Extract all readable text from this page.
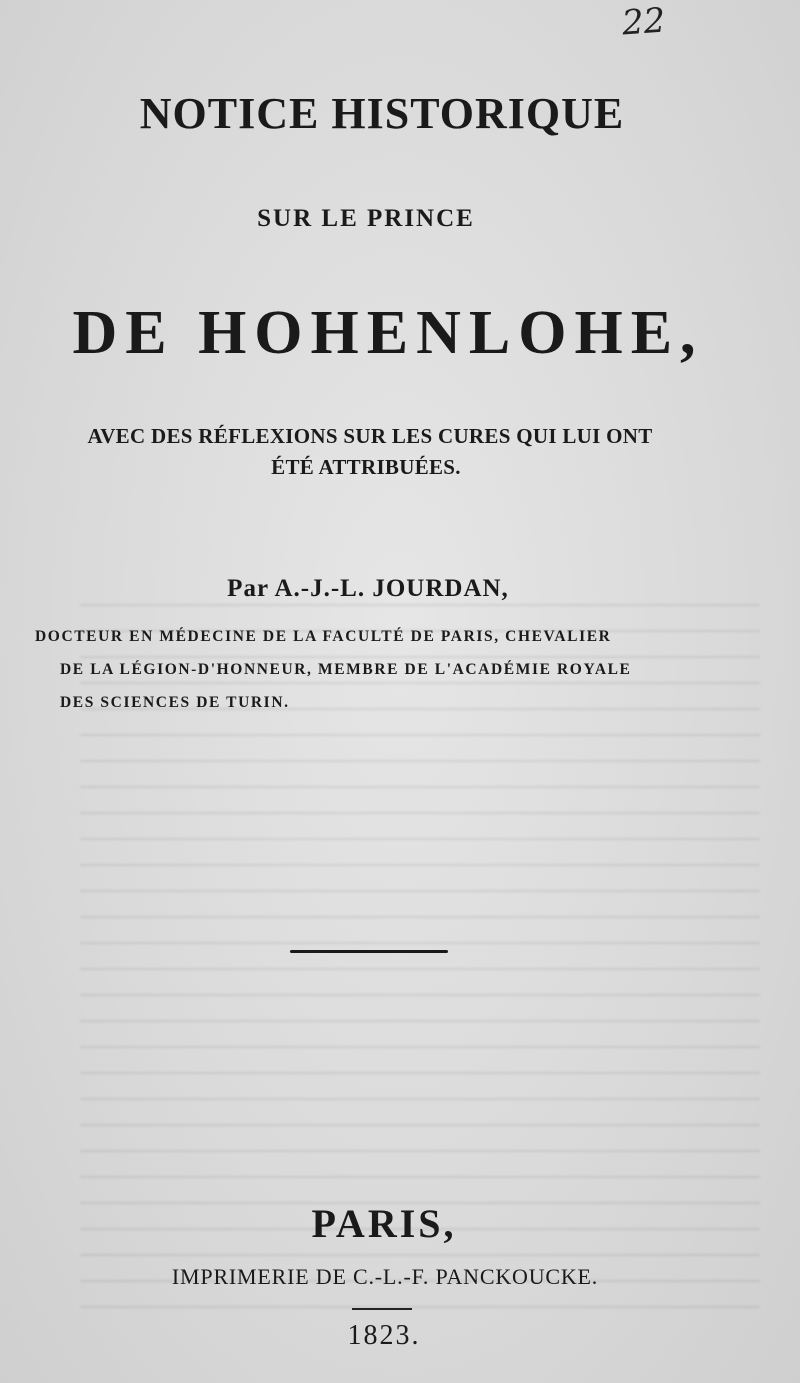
22
NOTICE HISTORIQUE
SUR LE PRINCE
DE HOHENLOHE,
AVEC DES RÉFLEXIONS SUR LES CURES QUI LUI ONT
ÉTÉ ATTRIBUÉES.
Par A.-J.-L. JOURDAN,
DOCTEUR EN MÉDECINE DE LA FACULTÉ DE PARIS, CHEVALIER
DE LA LÉGION-D'HONNEUR, MEMBRE DE L'ACADÉMIE ROYALE
DES SCIENCES DE TURIN.
PARIS,
IMPRIMERIE DE C.-L.-F. PANCKOUCKE.
1823.
